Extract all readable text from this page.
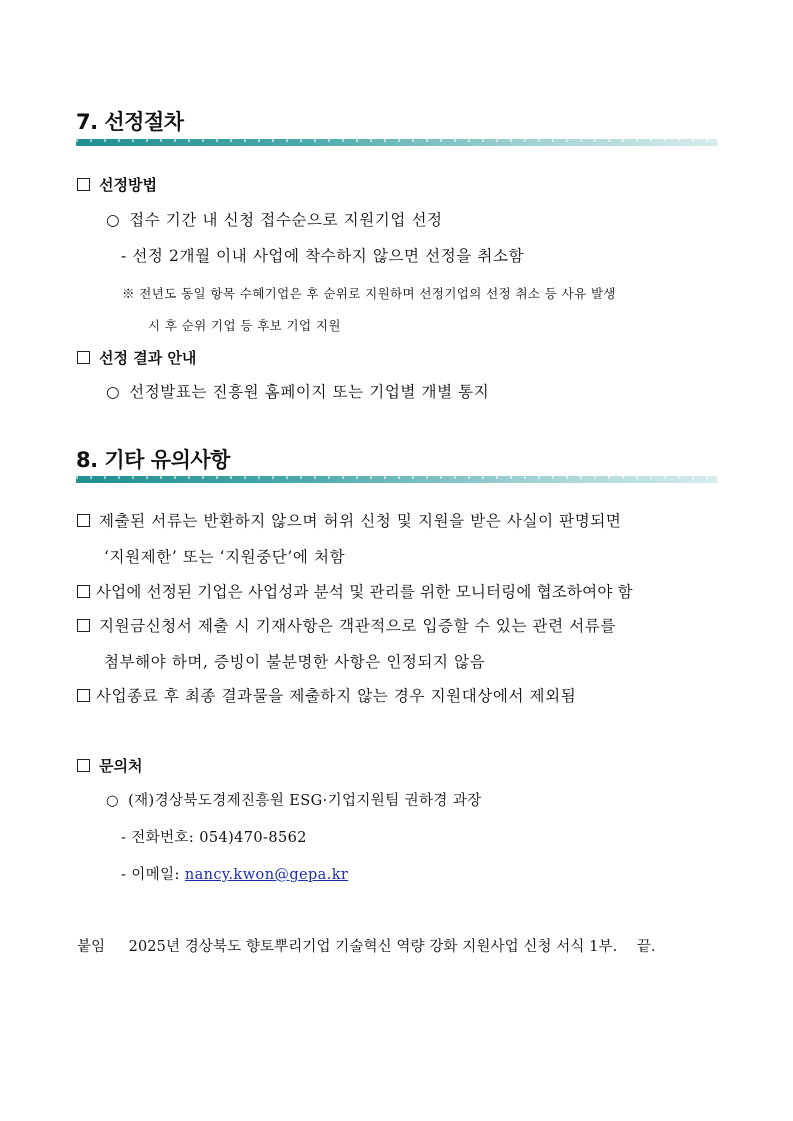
7. 선정절차
선정방법
○ 접수 기간 내 신청 접수순으로 지원기업 선정
- 선정 2개월 이내 사업에 착수하지 않으면 선정을 취소함
※ 전년도 동일 항목 수혜기업은 후 순위로 지원하며 선정기업의 선정 취소 등 사유 발생
시 후 순위 기업 등 후보 기업 지원
선정 결과 안내
○ 선정발표는 진흥원 홈페이지 또는 기업별 개별 통지
8. 기타 유의사항
제출된 서류는 반환하지 않으며 허위 신청 및 지원을 받은 사실이 판명되면
‘지원제한’ 또는 ‘지원중단’에 처함
사업에 선정된 기업은 사업성과 분석 및 관리를 위한 모니터링에 협조하여야 함
지원금신청서 제출 시 기재사항은 객관적으로 입증할 수 있는 관련 서류를
첨부해야 하며, 증빙이 불분명한 사항은 인정되지 않음
사업종료 후 최종 결과물을 제출하지 않는 경우 지원대상에서 제외됨
문의처
○ (재)경상북도경제진흥원 ESG·기업지원팀 권하경 과장
- 전화번호: 054)470-8562
- 이메일: nancy.kwon@gepa.kr
붙임 2025년 경상북도 향토뿌리기업 기술혁신 역량 강화 지원사업 신청 서식 1부. 끝.
